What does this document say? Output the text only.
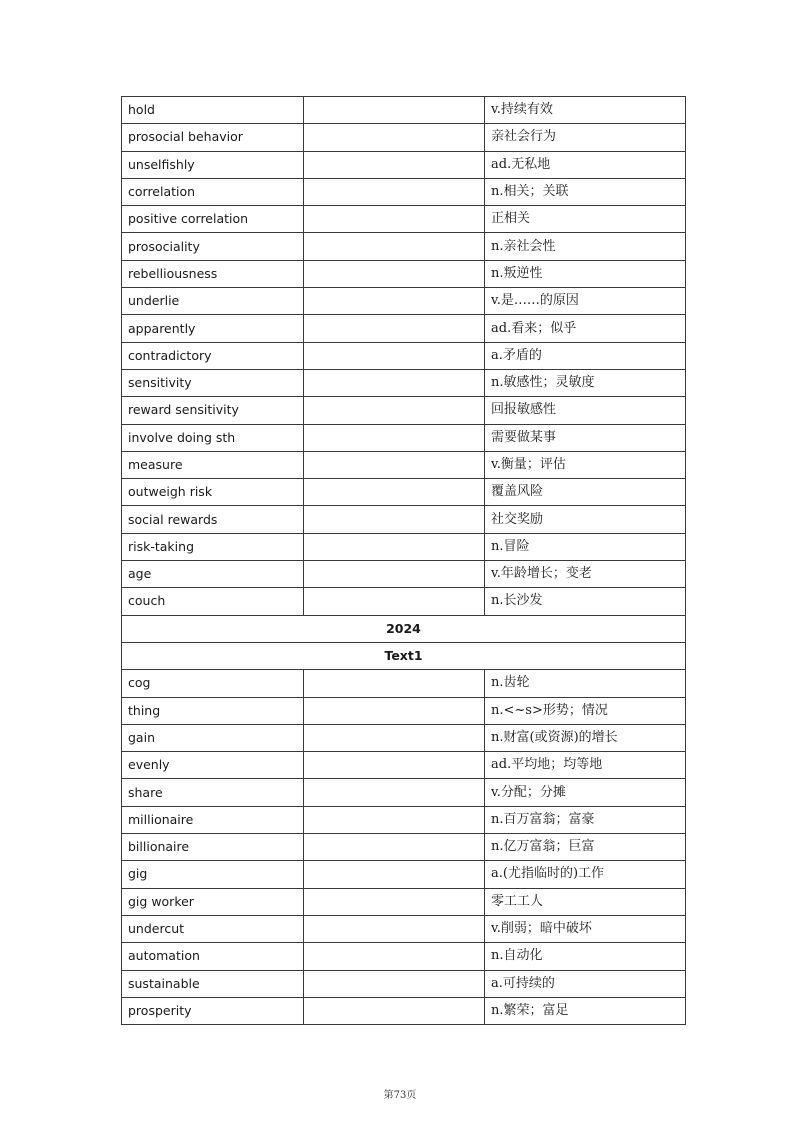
hold		v.持续有效
prosocial behavior		亲社会行为
unselfishly		ad.无私地
correlation		n.相关；关联
positive correlation		正相关
prosociality		n.亲社会性
rebelliousness		n.叛逆性
underlie		v.是……的原因
apparently		ad.看来；似乎
contradictory		a.矛盾的
sensitivity		n.敏感性；灵敏度
reward sensitivity		回报敏感性
involve doing sth		需要做某事
measure		v.衡量；评估
outweigh risk		覆盖风险
social rewards		社交奖励
risk-taking		n.冒险
age		v.年龄增长；变老
couch		n.长沙发
2024		
Text1		
cog		n.齿轮
thing		n.<~s>形势；情况
gain		n.财富(或资源)的增长
evenly		ad.平均地；均等地
share		v.分配；分摊
millionaire		n.百万富翁；富豪
billionaire		n.亿万富翁；巨富
gig		a.(尤指临时的)工作
gig worker		零工工人
undercut		v.削弱；暗中破坏
automation		n.自动化
sustainable		a.可持续的
prosperity		n.繁荣；富足
第73页
